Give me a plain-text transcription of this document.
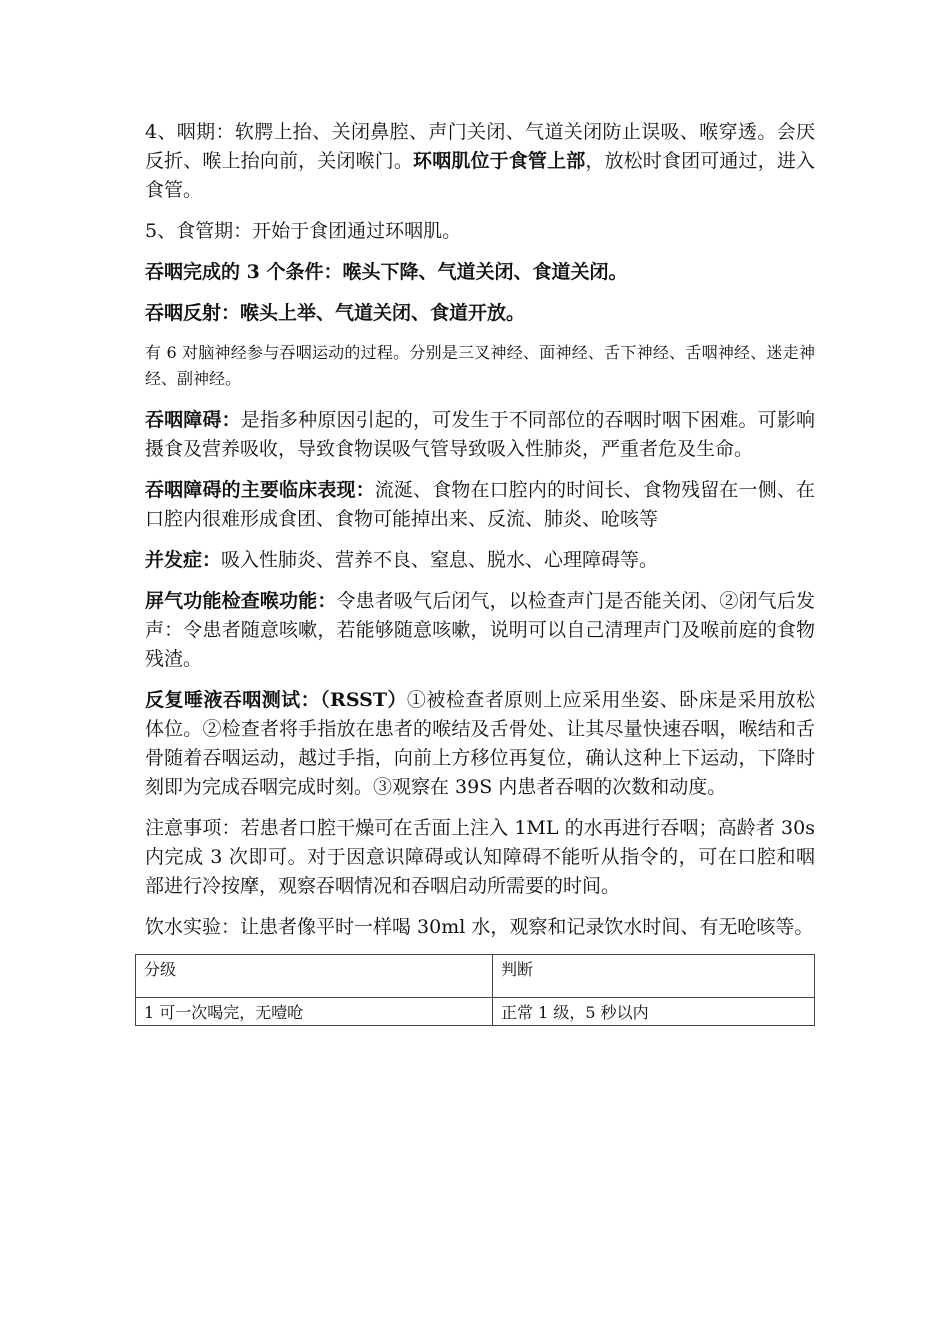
4、咽期：软腭上抬、关闭鼻腔、声门关闭、气道关闭防止误吸、喉穿透。会厌反折、喉上抬向前，关闭喉门。环咽肌位于食管上部，放松时食团可通过，进入食管。

5、食管期：开始于食团通过环咽肌。

吞咽完成的 3 个条件：喉头下降、气道关闭、食道关闭。

吞咽反射：喉头上举、气道关闭、食道开放。

有 6 对脑神经参与吞咽运动的过程。分别是三叉神经、面神经、舌下神经、舌咽神经、迷走神经、副神经。

吞咽障碍：是指多种原因引起的，可发生于不同部位的吞咽时咽下困难。可影响摄食及营养吸收，导致食物误吸气管导致吸入性肺炎，严重者危及生命。

吞咽障碍的主要临床表现：流涎、食物在口腔内的时间长、食物残留在一侧、在口腔内很难形成食团、食物可能掉出来、反流、肺炎、呛咳等

并发症：吸入性肺炎、营养不良、窒息、脱水、心理障碍等。

屏气功能检查喉功能：令患者吸气后闭气，以检查声门是否能关闭、②闭气后发声：令患者随意咳嗽，若能够随意咳嗽，说明可以自己清理声门及喉前庭的食物残渣。

反复唾液吞咽测试：（RSST）①被检查者原则上应采用坐姿、卧床是采用放松体位。②检查者将手指放在患者的喉结及舌骨处、让其尽量快速吞咽，喉结和舌骨随着吞咽运动，越过手指，向前上方移位再复位，确认这种上下运动，下降时刻即为完成吞咽完成时刻。③观察在 39S 内患者吞咽的次数和动度。

注意事项：若患者口腔干燥可在舌面上注入 1ML 的水再进行吞咽；高龄者 30s 内完成 3 次即可。对于因意识障碍或认知障碍不能听从指令的，可在口腔和咽部进行冷按摩，观察吞咽情况和吞咽启动所需要的时间。

饮水实验：让患者像平时一样喝 30ml 水，观察和记录饮水时间、有无呛咳等。

分级	判断
1 可一次喝完，无噎呛	正常 1 级，5 秒以内
